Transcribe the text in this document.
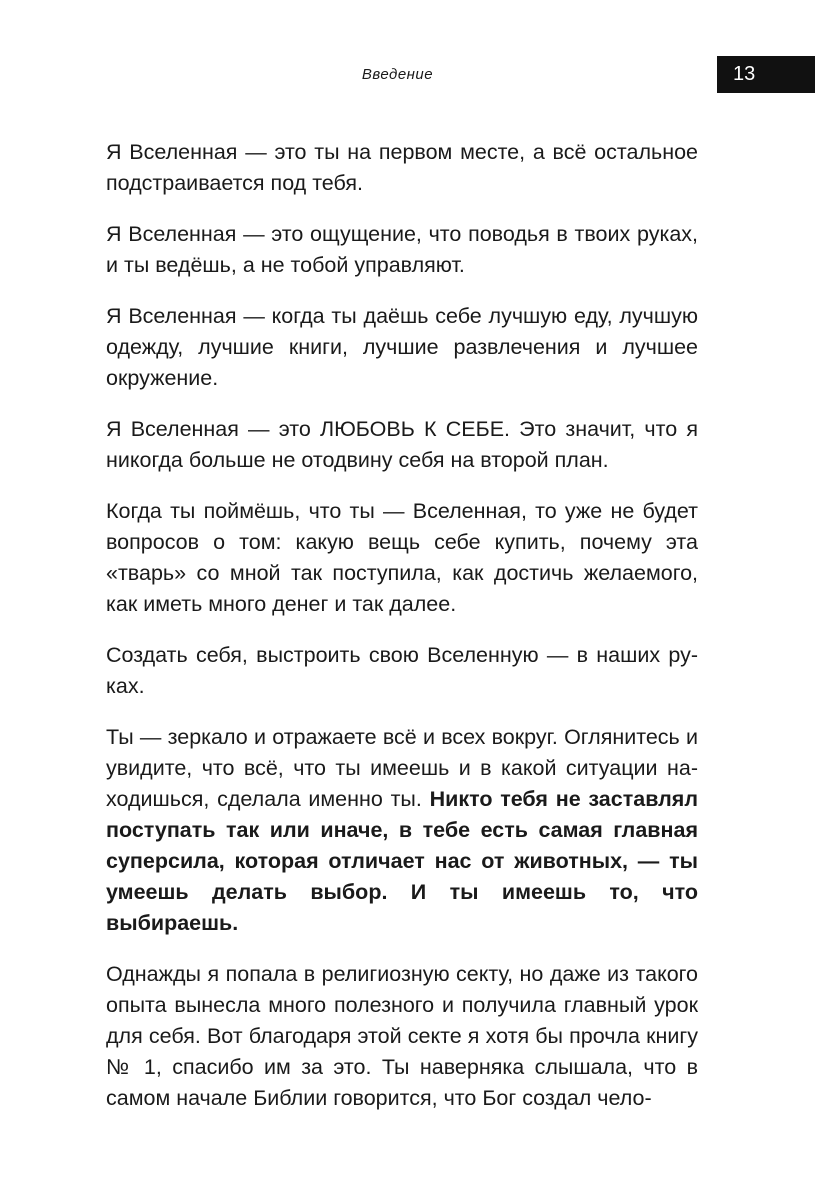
Введение	13

Я Вселенная — это ты на первом месте, а всё остальное подстраивается под тебя.

Я Вселенная — это ощущение, что поводья в твоих руках, и ты ведёшь, а не тобой управляют.

Я Вселенная — когда ты даёшь себе лучшую еду, лучшую одежду, лучшие книги, лучшие развлечения и лучшее окружение.

Я Вселенная — это ЛЮБОВЬ К СЕБЕ. Это значит, что я никогда больше не отодвину себя на второй план.

Когда ты поймёшь, что ты — Вселенная, то уже не будет вопросов о том: какую вещь себе купить, почему эта «тварь» со мной так поступила, как достичь желаемого, как иметь много денег и так далее.

Создать себя, выстроить свою Вселенную — в наших руках.

Ты — зеркало и отражаете всё и всех вокруг. Оглянитесь и увидите, что всё, что ты имеешь и в какой ситуации находишься, сделала именно ты. Никто тебя не заставлял поступать так или иначе, в тебе есть самая главная суперсила, которая отличает нас от животных, — ты умеешь делать выбор. И ты имеешь то, что выбираешь.

Однажды я попала в религиозную секту, но даже из такого опыта вынесла много полезного и получила главный урок для себя. Вот благодаря этой секте я хотя бы прочла книгу № 1, спасибо им за это. Ты наверняка слышала, что в самом начале Библии говорится, что Бог создал чело-
